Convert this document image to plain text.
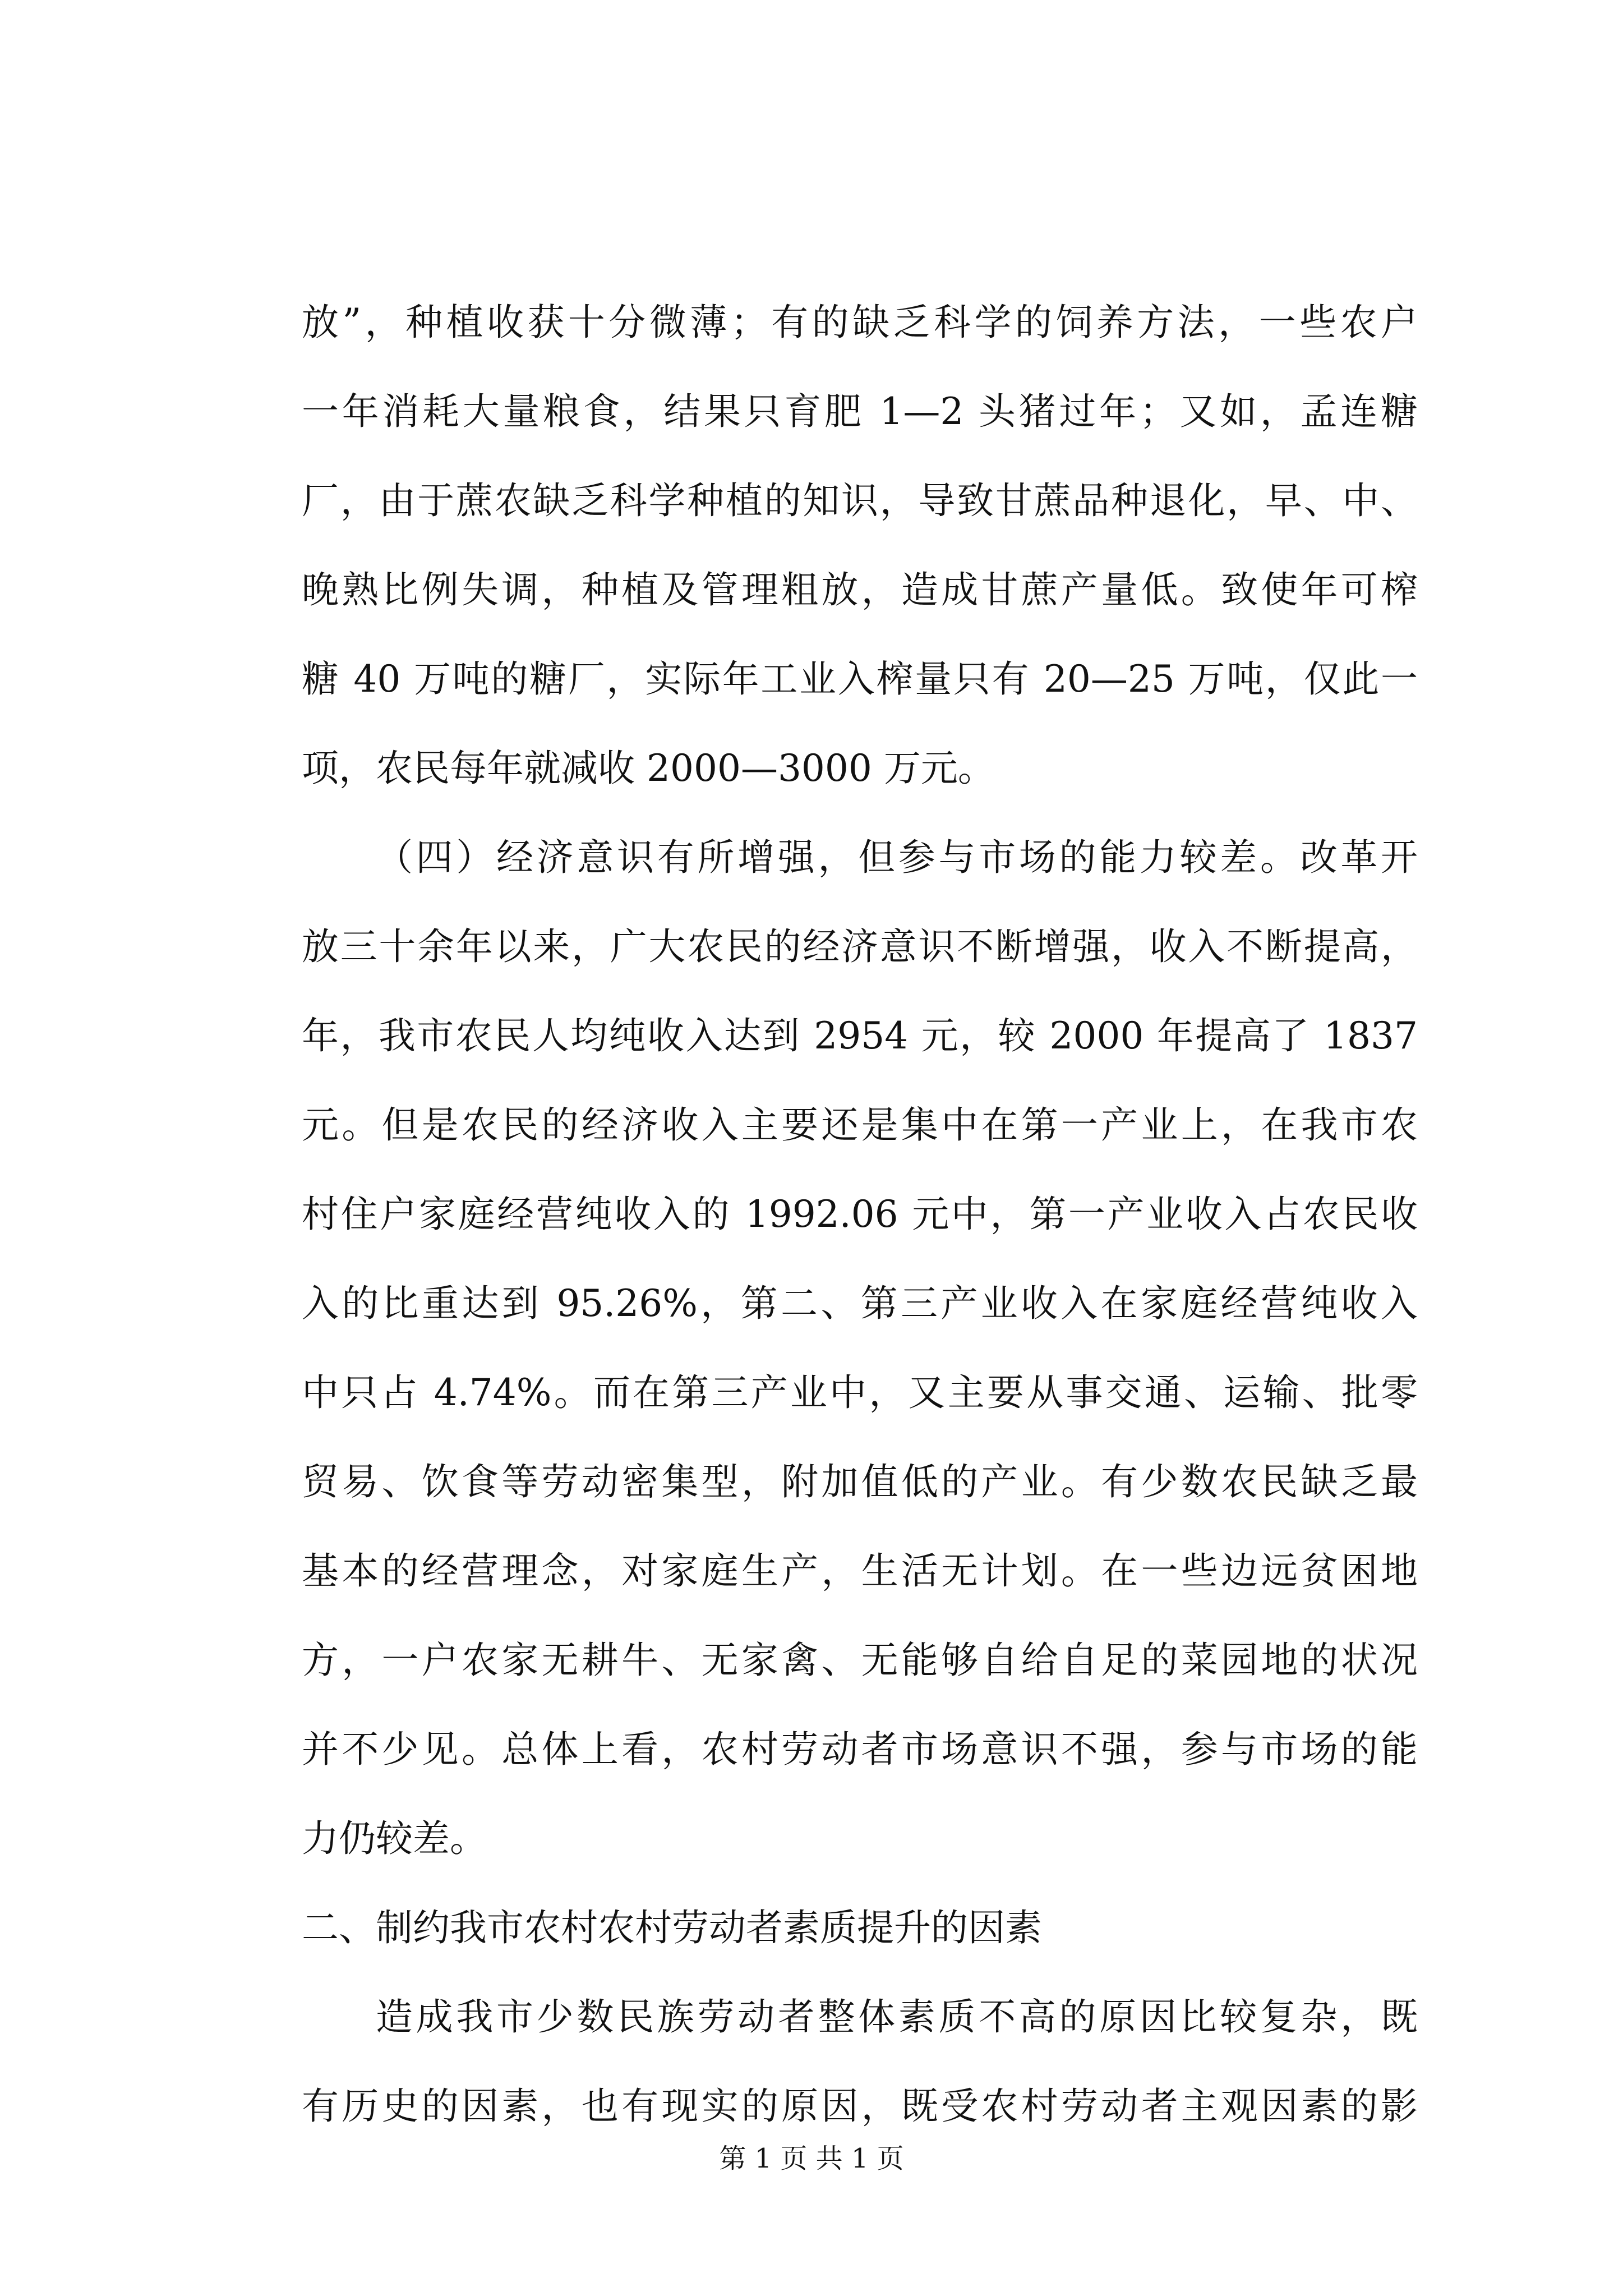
放”，种植收获十分微薄；有的缺乏科学的饲养方法，一些农户
一年消耗大量粮食，结果只育肥 1—2 头猪过年；又如，孟连糖
厂，由于蔗农缺乏科学种植的知识，导致甘蔗品种退化，早、中、
晚熟比例失调，种植及管理粗放，造成甘蔗产量低。致使年可榨
糖 40 万吨的糖厂，实际年工业入榨量只有 20—25 万吨，仅此一
项，农民每年就减收 2000—3000 万元。
（四）经济意识有所增强，但参与市场的能力较差。改革开
放三十余年以来，广大农民的经济意识不断增强，收入不断提高，
年，我市农民人均纯收入达到 2954 元，较 2000 年提高了 1837
元。但是农民的经济收入主要还是集中在第一产业上，在我市农
村住户家庭经营纯收入的 1992.06 元中，第一产业收入占农民收
入的比重达到 95.26%，第二、第三产业收入在家庭经营纯收入
中只占 4.74%。而在第三产业中，又主要从事交通、运输、批零
贸易、饮食等劳动密集型，附加值低的产业。有少数农民缺乏最
基本的经营理念，对家庭生产，生活无计划。在一些边远贫困地
方，一户农家无耕牛、无家禽、无能够自给自足的菜园地的状况
并不少见。总体上看，农村劳动者市场意识不强，参与市场的能
力仍较差。
二、制约我市农村农村劳动者素质提升的因素
造成我市少数民族劳动者整体素质不高的原因比较复杂，既
有历史的因素，也有现实的原因，既受农村劳动者主观因素的影
第 1 页 共 1 页
